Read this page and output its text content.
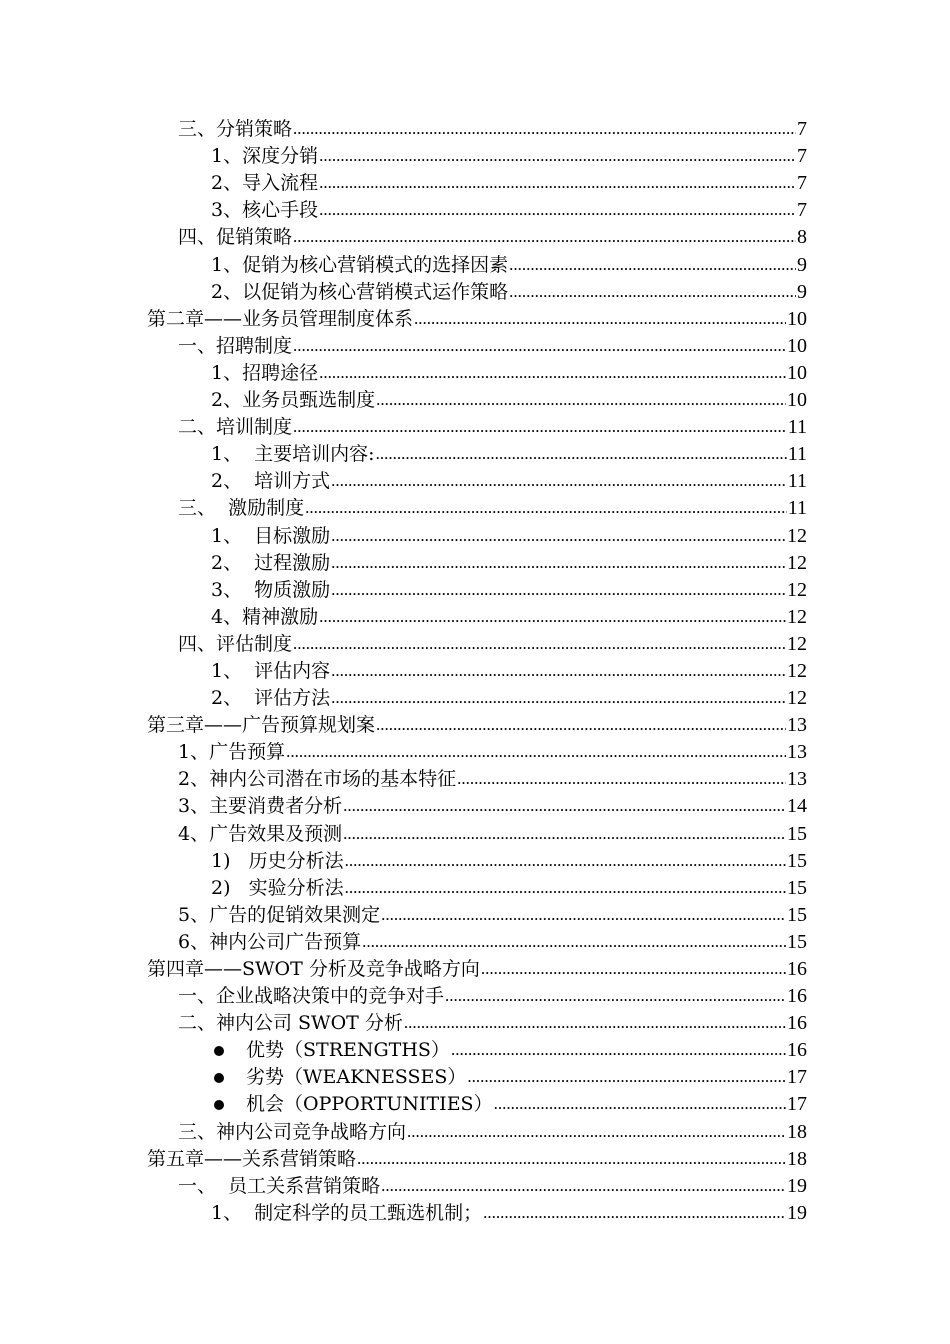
三、分销策略 .....	7
1、深度分销 .....	7
2、导入流程 .....	7
3、核心手段 .....	7
四、促销策略 .....	8
1、促销为核心营销模式的选择因素 .....	9
2、以促销为核心营销模式运作策略 .....	9
第二章——业务员管理制度体系 .....	10
一、招聘制度 .....	10
1、招聘途径 .....	10
2、业务员甄选制度 .....	10
二、培训制度 .....	11
1、  主要培训内容: .....	11
2、  培训方式 .....	11
三、  激励制度 .....	11
1、  目标激励 .....	12
2、  过程激励 .....	12
3、  物质激励 .....	12
4、精神激励 .....	12
四、评估制度 .....	12
1、  评估内容 .....	12
2、  评估方法 .....	12
第三章——广告预算规划案 .....	13
1、广告预算 .....	13
2、神内公司潜在市场的基本特征 .....	13
3、主要消费者分析 .....	14
4、广告效果及预测 .....	15
1)   历史分析法 .....	15
2)   实验分析法 .....	15
5、广告的促销效果测定 .....	15
6、神内公司广告预算 .....	15
第四章——SWOT 分析及竞争战略方向 .....	16
一、企业战略决策中的竞争对手 .....	16
二、神内公司 SWOT 分析 .....	16
优势（STRENGTHS） .....	16
劣势（WEAKNESSES） .....	17
机会（OPPORTUNITIES） .....	17
三、神内公司竞争战略方向 .....	18
第五章——关系营销策略 .....	18
一、  员工关系营销策略 .....	19
1、  制定科学的员工甄选机制； .....	19
